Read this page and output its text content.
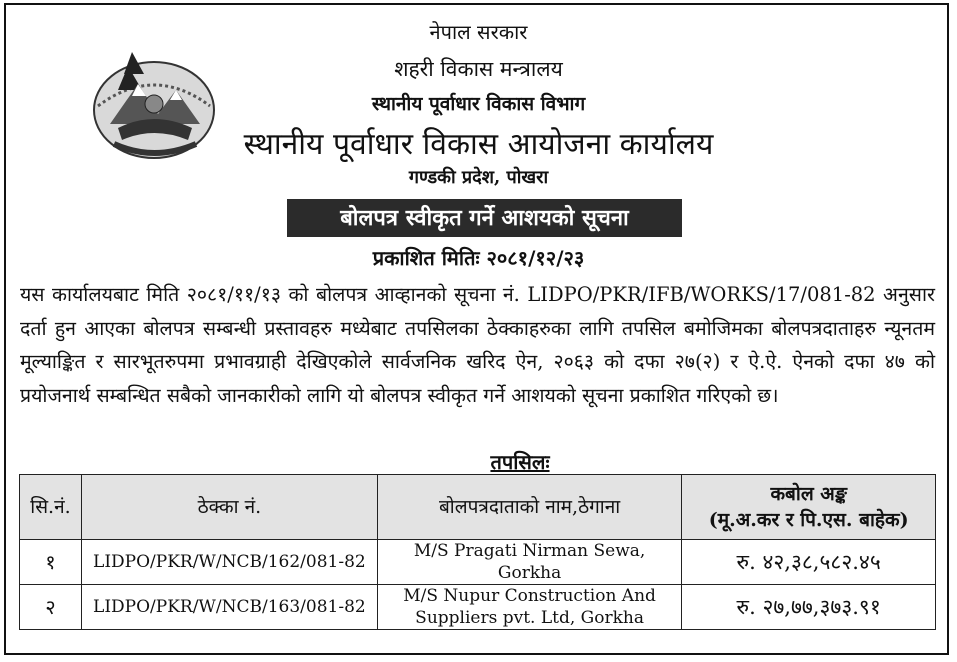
नेपाल सरकार
शहरी विकास मन्त्रालय
स्थानीय पूर्वाधार विकास विभाग
स्थानीय पूर्वाधार विकास आयोजना कार्यालय
गण्डकी प्रदेश, पोखरा
बोलपत्र स्वीकृत गर्ने आशयको सूचना
प्रकाशित मितिः २०८१/१२/२३
यस कार्यालयबाट मिति २०८१/११/१३ को बोलपत्र आव्हानको सूचना नं. LIDPO/PKR/IFB/WORKS/17/081-82 अनुसार दर्ता हुन आएका बोलपत्र सम्बन्धी प्रस्तावहरु मध्येबाट तपसिलका ठेक्काहरुका लागि तपसिल बमोजिमका बोलपत्रदाताहरु न्यूनतम मूल्याङ्कित र सारभूतरुपमा प्रभावग्राही देखिएकोले सार्वजनिक खरिद ऐन, २०६३ को दफा २७(२) र ऐ.ऐ. ऐनको दफा ४७ को प्रयोजनार्थ सम्बन्धित सबैको जानकारीको लागि यो बोलपत्र स्वीकृत गर्ने आशयको सूचना प्रकाशित गरिएको छ।
तपसिलः
सि.नं.	ठेक्का नं.	बोलपत्रदाताको नाम,ठेगाना	कबोल अङ्क
(मू.अ.कर र पि.एस. बाहेक)

१	LIDPO/PKR/W/NCB/162/081-82	M/S Pragati Nirman Sewa, Gorkha	रु. ४२,३८,५८२.४५
२	LIDPO/PKR/W/NCB/163/081-82	M/S Nupur Construction And
Suppliers pvt. Ltd, Gorkha	रु. २७,७७,३७३.९१
